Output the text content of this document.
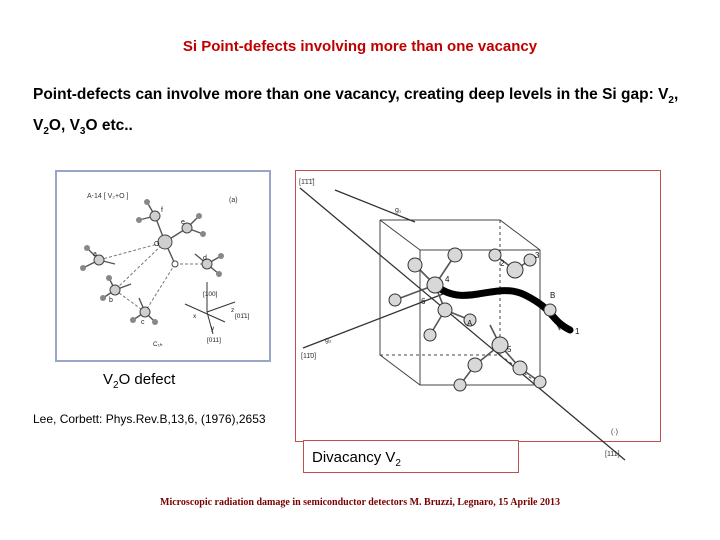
Si Point-defects involving more than one vacancy
Point-defects can involve more than one vacancy, creating deep levels in the Si gap: $V_2$,
$V_2O$, $V_3O$ etc..
A-14 [ V₂+O ]
(a)
f
e
O
d
b
c
a
[100]
z
[01̄1]
x
y
[011]
C₁ₕ
$V_2O$ defect
Lee, Corbett: Phys.Rev.B,13,6, (1976),2653
[1̄1̄1̄]
[11̄0]
[111]
g₁
g₂
(·)
1
2
3
4
5
6
A
B
Divacancy $V_2$
Microscopic radiation damage in semiconductor detectors M. Bruzzi, Legnaro, 15 Aprile 2013
